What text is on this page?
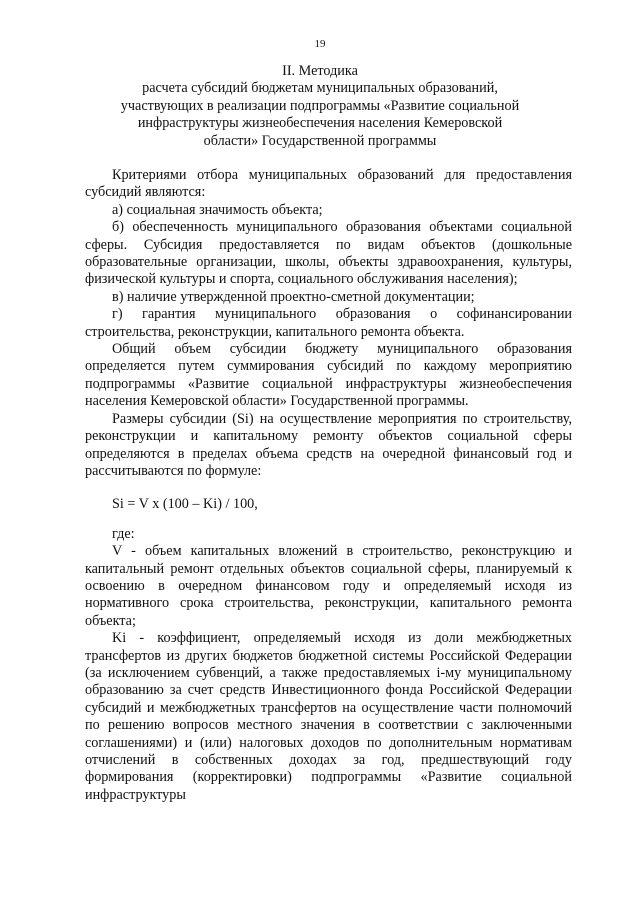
19
II. Методика
расчета субсидий бюджетам муниципальных образований,
участвующих в реализации подпрограммы «Развитие социальной
инфраструктуры жизнеобеспечения населения Кемеровской
области» Государственной программы

Критериями отбора муниципальных образований для предоставления субсидий являются:

а) социальная значимость объекта;

б) обеспеченность муниципального образования объектами социальной сферы. Субсидия предоставляется по видам объектов (дошкольные образовательные организации, школы, объекты здравоохранения, культуры, физической культуры и спорта, социального обслуживания населения);

в) наличие утвержденной проектно-сметной документации;

г) гарантия муниципального образования о софинансировании строительства, реконструкции, капитального ремонта объекта.

Общий объем субсидии бюджету муниципального образования определяется путем суммирования субсидий по каждому мероприятию подпрограммы «Развитие социальной инфраструктуры жизнеобеспечения населения Кемеровской области» Государственной программы.

Размеры субсидии (Si) на осуществление мероприятия по строительству, реконструкции и капитальному ремонту объектов социальной сферы определяются в пределах объема средств на очередной финансовый год и рассчитываются по формуле:

Si = V x (100 – Ki) / 100,

где:

V - объем капитальных вложений в строительство, реконструкцию и капитальный ремонт отдельных объектов социальной сферы, планируемый к освоению в очередном финансовом году и определяемый исходя из нормативного срока строительства, реконструкции, капитального ремонта объекта;

Ki - коэффициент, определяемый исходя из доли межбюджетных трансфертов из других бюджетов бюджетной системы Российской Федерации (за исключением субвенций, а также предоставляемых i-му муниципальному образованию за счет средств Инвестиционного фонда Российской Федерации субсидий и межбюджетных трансфертов на осуществление части полномочий по решению вопросов местного значения в соответствии с заключенными соглашениями) и (или) налоговых доходов по дополнительным нормативам отчислений в собственных доходах за год, предшествующий году формирования (корректировки) подпрограммы «Развитие социальной инфраструктуры
